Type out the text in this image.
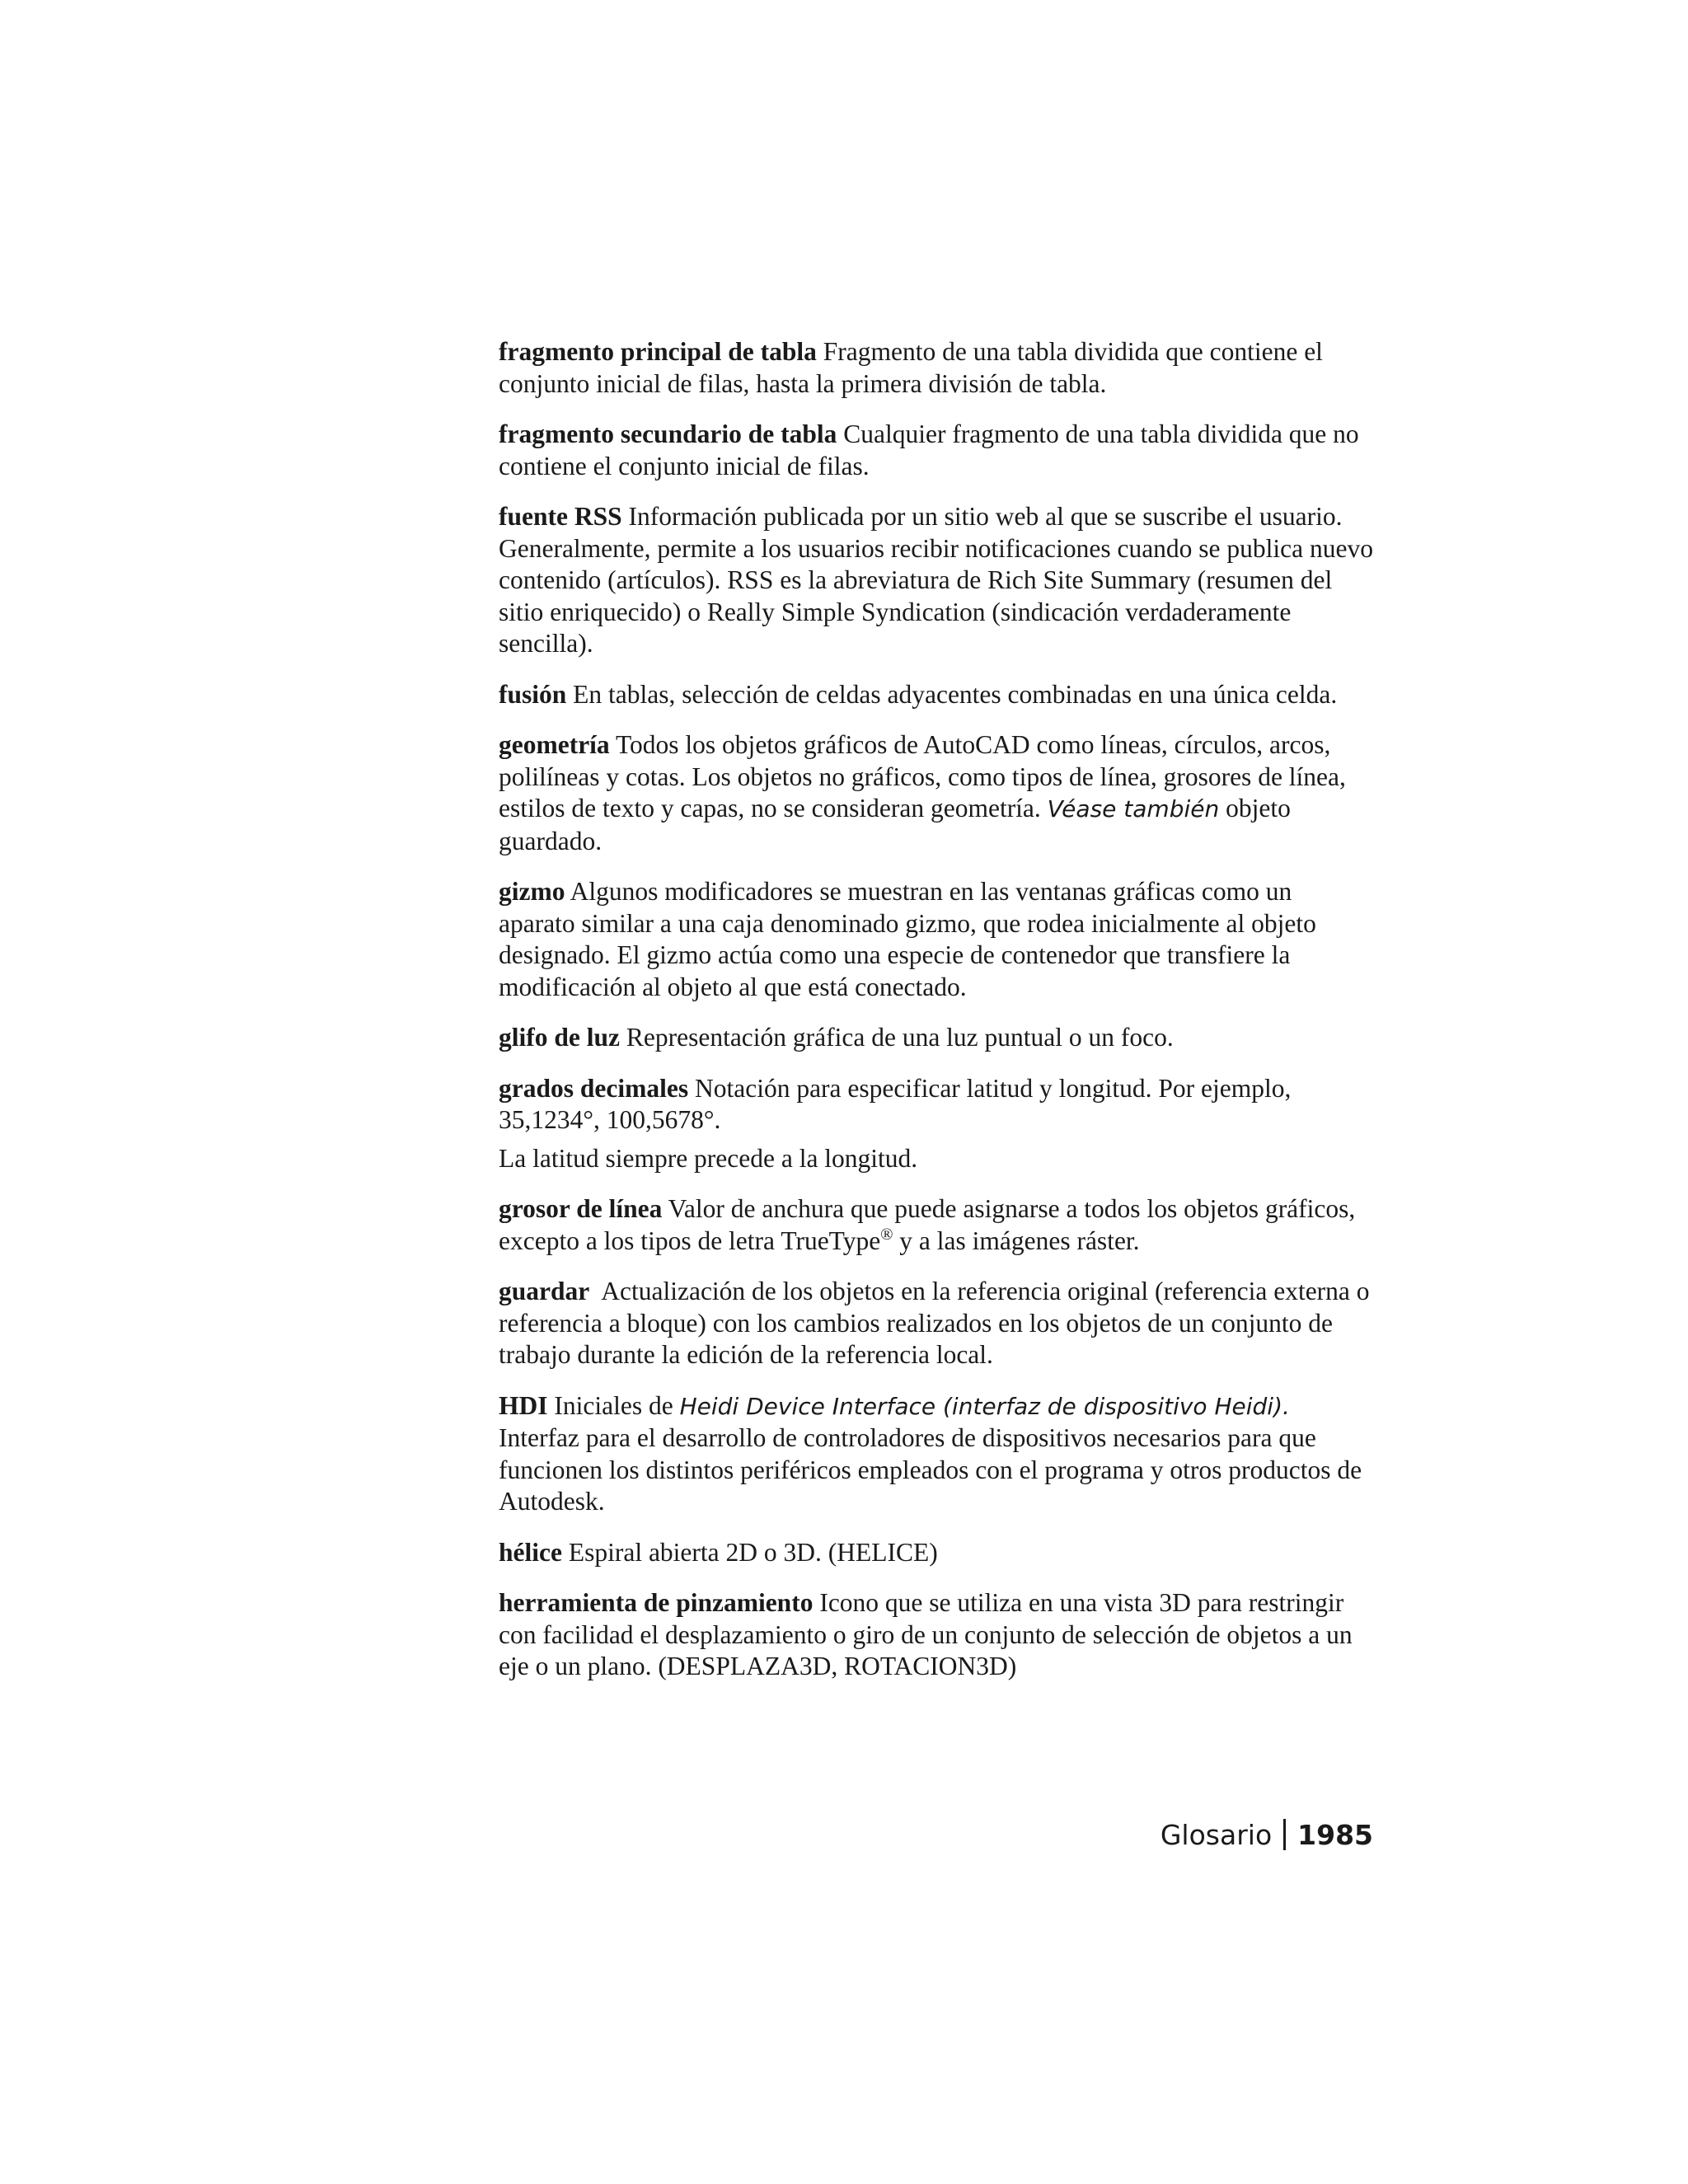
fragmento principal de tabla Fragmento de una tabla dividida que contiene el conjunto inicial de filas, hasta la primera división de tabla.

fragmento secundario de tabla Cualquier fragmento de una tabla dividida que no contiene el conjunto inicial de filas.

fuente RSS Información publicada por un sitio web al que se suscribe el usuario. Generalmente, permite a los usuarios recibir notificaciones cuando se publica nuevo contenido (artículos). RSS es la abreviatura de Rich Site Summary (resumen del sitio enriquecido) o Really Simple Syndication (sindicación verdaderamente sencilla).

fusión En tablas, selección de celdas adyacentes combinadas en una única celda.

geometría Todos los objetos gráficos de AutoCAD como líneas, círculos, arcos, polilíneas y cotas. Los objetos no gráficos, como tipos de línea, grosores de línea, estilos de texto y capas, no se consideran geometría. Véase también objeto guardado.

gizmo Algunos modificadores se muestran en las ventanas gráficas como un aparato similar a una caja denominado gizmo, que rodea inicialmente al objeto designado. El gizmo actúa como una especie de contenedor que transfiere la modificación al objeto al que está conectado.

glifo de luz Representación gráfica de una luz puntual o un foco.

grados decimales Notación para especificar latitud y longitud. Por ejemplo, 35,1234°, 100,5678°.

La latitud siempre precede a la longitud.

grosor de línea Valor de anchura que puede asignarse a todos los objetos gráficos, excepto a los tipos de letra TrueType® y a las imágenes ráster.

guardar Actualización de los objetos en la referencia original (referencia externa o referencia a bloque) con los cambios realizados en los objetos de un conjunto de trabajo durante la edición de la referencia local.

HDI Iniciales de Heidi Device Interface (interfaz de dispositivo Heidi). Interfaz para el desarrollo de controladores de dispositivos necesarios para que funcionen los distintos periféricos empleados con el programa y otros productos de Autodesk.

hélice Espiral abierta 2D o 3D. (HELICE)

herramienta de pinzamiento Icono que se utiliza en una vista 3D para restringir con facilidad el desplazamiento o giro de un conjunto de selección de objetos a un eje o un plano. (DESPLAZA3D, ROTACION3D)

Glosario 1985
